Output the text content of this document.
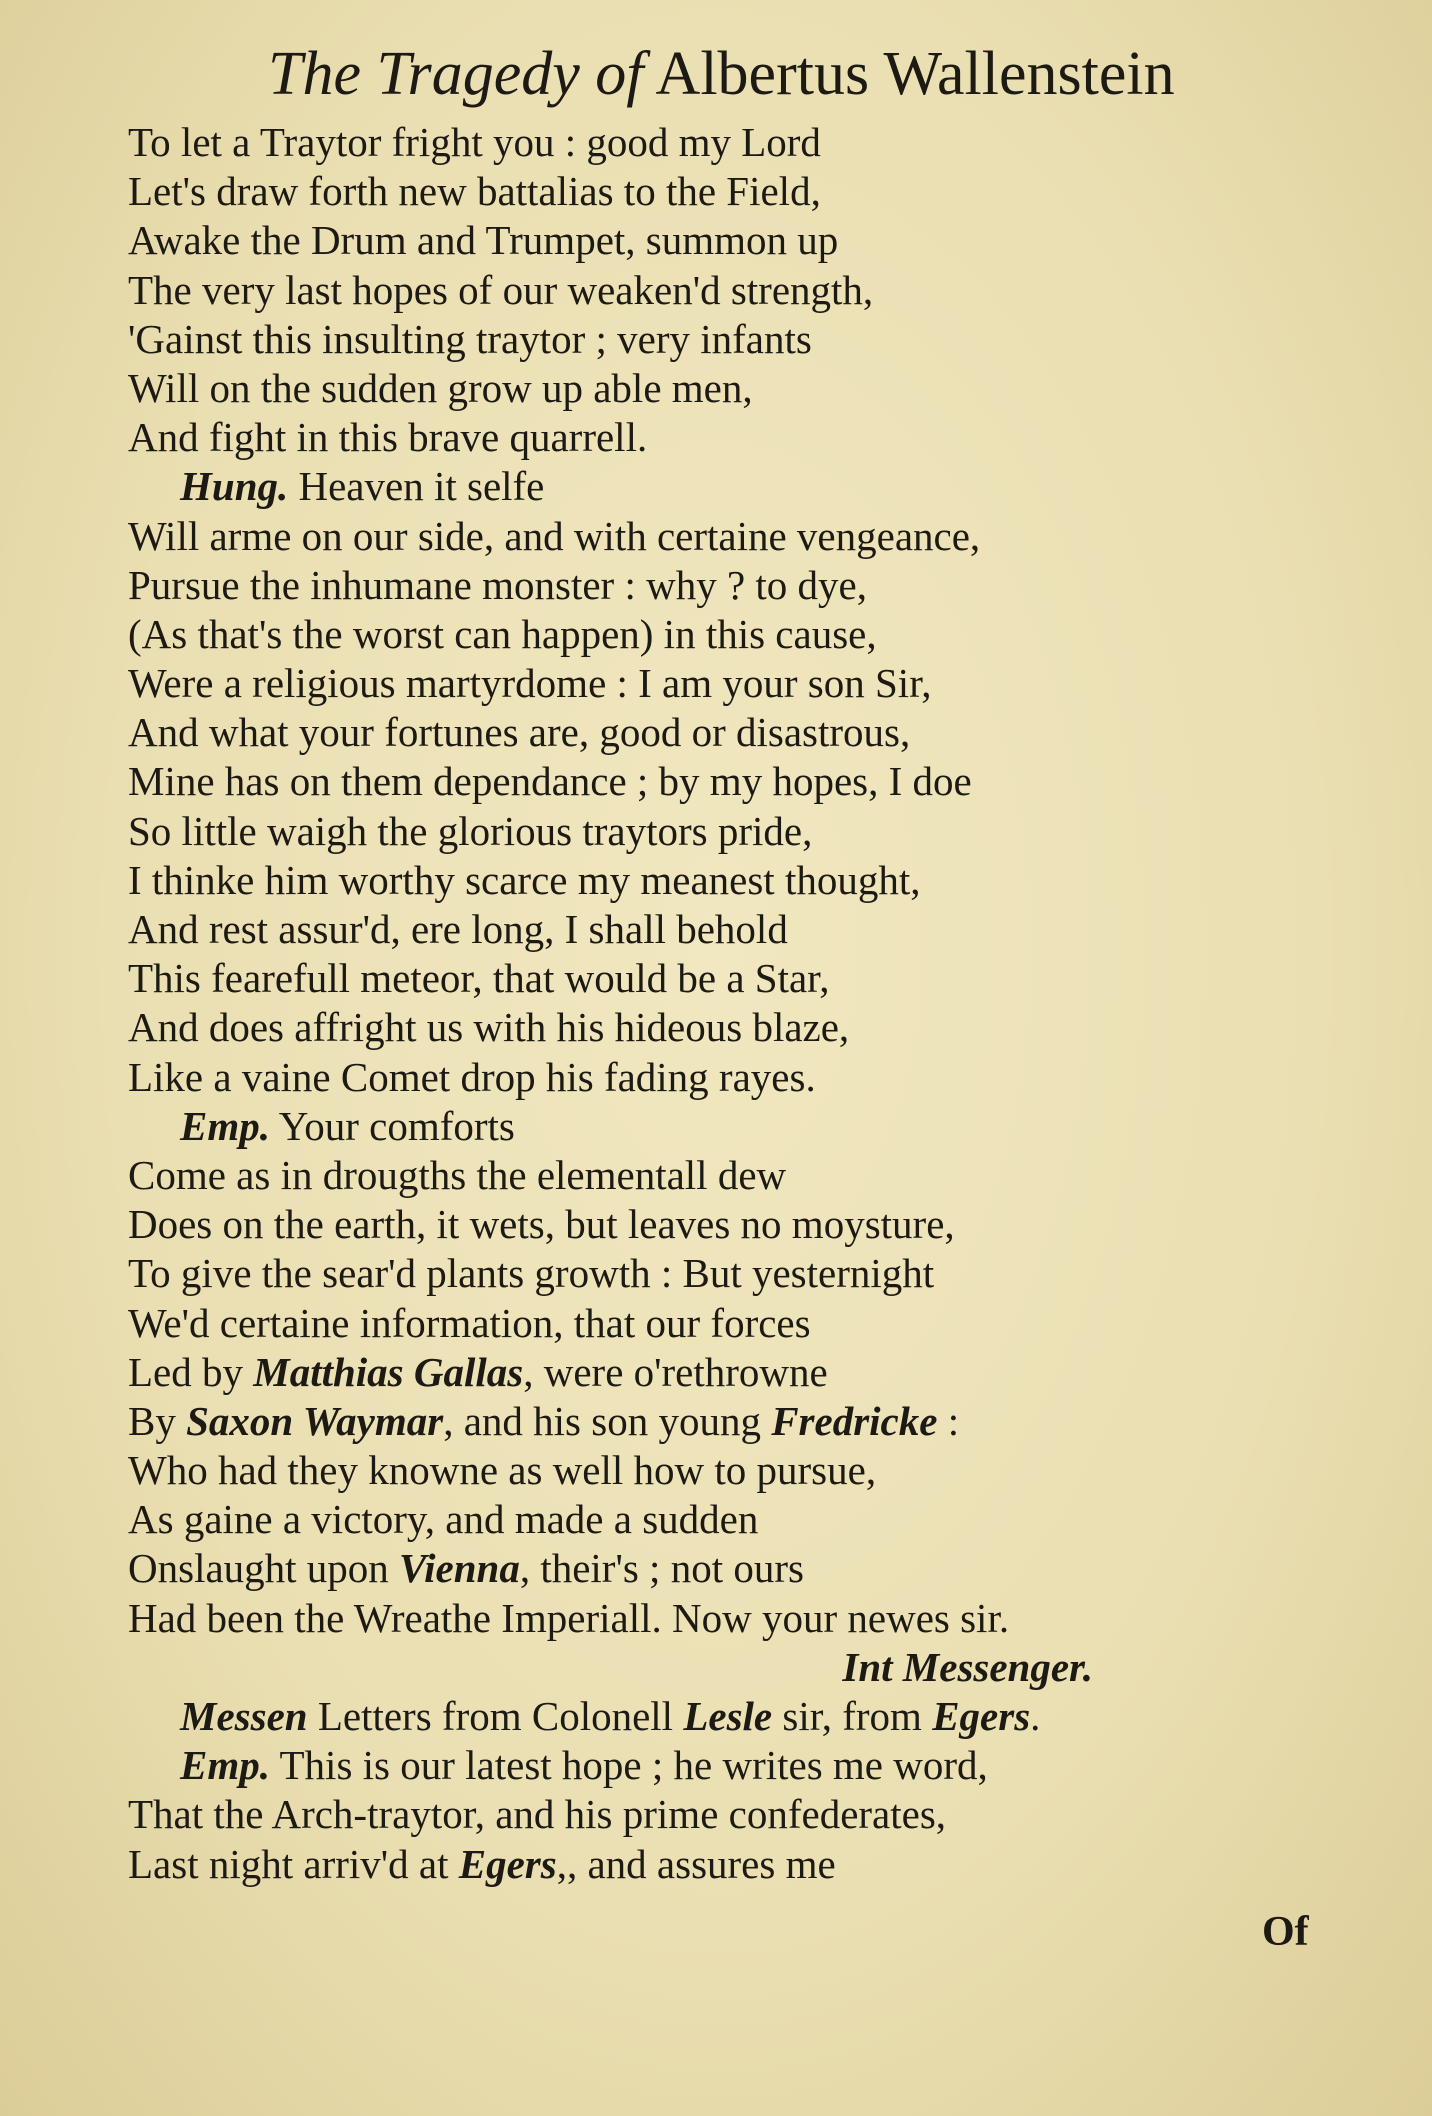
The Tragedy of Albertus Wallenstein
To let a Traytor fright you : good my Lord
Let's draw forth new battalias to the Field,
Awake the Drum and Trumpet, summon up
The very last hopes of our weaken'd strength,
'Gainst this insulting traytor ; very infants
Will on the sudden grow up able men,
And fight in this brave quarrell.
Hung. Heaven it selfe
Will arme on our side, and with certaine vengeance,
Pursue the inhumane monster : why ? to dye,
(As that's the worst can happen) in this cause,
Were a religious martyrdome : I am your son Sir,
And what your fortunes are, good or disastrous,
Mine has on them dependance ; by my hopes, I doe
So little waigh the glorious traytors pride,
I thinke him worthy scarce my meanest thought,
And rest assur'd, ere long, I shall behold
This fearefull meteor, that would be a Star,
And does affright us with his hideous blaze,
Like a vaine Comet drop his fading rayes.
Emp. Your comforts
Come as in drougths the elementall dew
Does on the earth, it wets, but leaves no moysture,
To give the sear'd plants growth : But yesternight
We'd certaine information, that our forces
Led by Matthias Gallas, were o'rethrowne
By Saxon Waymar, and his son young Fredricke :
Who had they knowne as well how to pursue,
As gaine a victory, and made a sudden
Onslaught upon Vienna, their's ; not ours
Had been the Wreathe Imperiall. Now your newes sir.
Int Messenger.
Messen Letters from Colonell Lesle sir, from Egers.
Emp. This is our latest hope ; he writes me word,
That the Arch-traytor, and his prime confederates,
Last night arriv'd at Egers,, and assures me
Of
